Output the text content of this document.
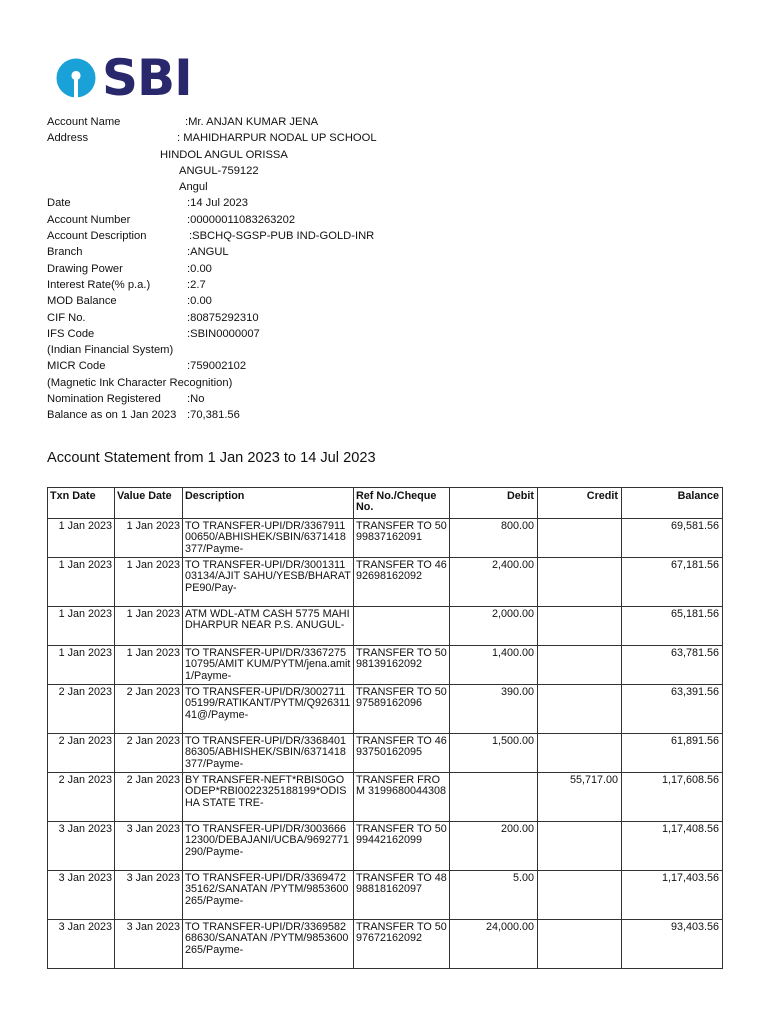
SBI
Account Name	:Mr. ANJAN KUMAR JENA
Address	: MAHIDHARPUR NODAL UP SCHOOL
HINDOL ANGUL ORISSA
ANGUL-759122
Angul
Date	:14 Jul 2023
Account Number	:00000011083263202
Account Description	:SBCHQ-SGSP-PUB IND-GOLD-INR
Branch	:ANGUL
Drawing Power	:0.00
Interest Rate(% p.a.)	:2.7
MOD Balance	:0.00
CIF No.	:80875292310
IFS Code	:SBIN0000007
(Indian Financial System)
MICR Code	:759002102
(Magnetic Ink Character Recognition)
Nomination Registered :No
Balance as on 1 Jan 2023 :70,381.56
Account Statement from 1 Jan 2023 to 14 Jul 2023
Txn Date	Value Date	Description	Ref No./Cheque No.	Debit	Credit	Balance

1 Jan 2023	1 Jan 2023	TO TRANSFER-UPI/DR/336791100650/ABHISHEK/SBIN/6371418377/Payme-	TRANSFER TO 5099837162091	800.00		69,581.56

1 Jan 2023	1 Jan 2023	TO TRANSFER-UPI/DR/300131103134/AJIT SAHU/YESB/BHARATPE90/Pay-	TRANSFER TO 4692698162092	2,400.00		67,181.56

1 Jan 2023	1 Jan 2023	ATM WDL-ATM CASH 5775 MAHIDHARPUR NEAR P.S. ANUGUL-		2,000.00		65,181.56

1 Jan 2023	1 Jan 2023	TO TRANSFER-UPI/DR/336727510795/AMIT KUM/PYTM/jena.amit1/Payme-	TRANSFER TO 5098139162092	1,400.00		63,781.56

2 Jan 2023	2 Jan 2023	TO TRANSFER-UPI/DR/300271105199/RATIKANT/PYTM/Q92631141@/Payme-	TRANSFER TO 5097589162096	390.00		63,391.56

2 Jan 2023	2 Jan 2023	TO TRANSFER-UPI/DR/336840186305/ABHISHEK/SBIN/6371418377/Payme-	TRANSFER TO 4693750162095	1,500.00		61,891.56

2 Jan 2023	2 Jan 2023	BY TRANSFER-NEFT*RBIS0GOODEP*RBI0022325188199*ODISHA STATE TRE-	TRANSFER FROM 3199680044308		55,717.00	1,17,608.56

3 Jan 2023	3 Jan 2023	TO TRANSFER-UPI/DR/300366612300/DEBAJANI/UCBA/9692771290/Payme-	TRANSFER TO 5099442162099	200.00		1,17,408.56

3 Jan 2023	3 Jan 2023	TO TRANSFER-UPI/DR/336947235162/SANATAN /PYTM/9853600265/Payme-	TRANSFER TO 4898818162097	5.00		1,17,403.56

3 Jan 2023	3 Jan 2023	TO TRANSFER-UPI/DR/336958268630/SANATAN /PYTM/9853600265/Payme-	TRANSFER TO 5097672162092	24,000.00		93,403.56
